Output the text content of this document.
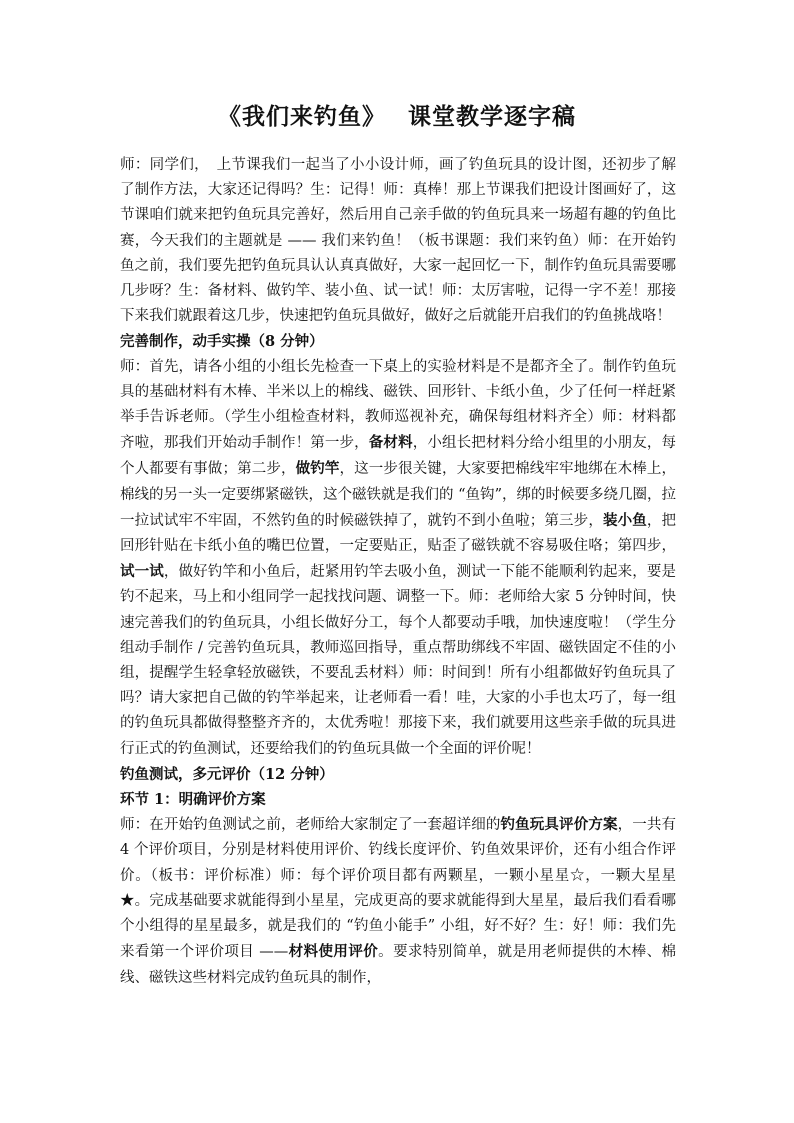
《我们来钓鱼》 课堂教学逐字稿

师：同学们，　上节课我们一起当了小小设计师，画了钓鱼玩具的设计图，还初步了解了制作方法，大家还记得吗？生：记得！师：真棒！那上节课我们把设计图画好了，这节课咱们就来把钓鱼玩具完善好，然后用自己亲手做的钓鱼玩具来一场超有趣的钓鱼比赛，今天我们的主题就是 —— 我们来钓鱼！（板书课题：我们来钓鱼）师：在开始钓鱼之前，我们要先把钓鱼玩具认认真真做好，大家一起回忆一下，制作钓鱼玩具需要哪几步呀？生：备材料、做钓竿、装小鱼、试一试！师：太厉害啦，记得一字不差！那接下来我们就跟着这几步，快速把钓鱼玩具做好，做好之后就能开启我们的钓鱼挑战咯！

完善制作，动手实操（8 分钟）

师：首先，请各小组的小组长先检查一下桌上的实验材料是不是都齐全了。制作钓鱼玩具的基础材料有木棒、半米以上的棉线、磁铁、回形针、卡纸小鱼，少了任何一样赶紧举手告诉老师。（学生小组检查材料，教师巡视补充，确保每组材料齐全）师：材料都齐啦，那我们开始动手制作！第一步，备材料，小组长把材料分给小组里的小朋友，每个人都要有事做；第二步，做钓竿，这一步很关键，大家要把棉线牢牢地绑在木棒上，棉线的另一头一定要绑紧磁铁，这个磁铁就是我们的 “鱼钩”，绑的时候要多绕几圈，拉一拉试试牢不牢固，不然钓鱼的时候磁铁掉了，就钓不到小鱼啦；第三步，装小鱼，把回形针贴在卡纸小鱼的嘴巴位置，一定要贴正，贴歪了磁铁就不容易吸住咯；第四步，试一试，做好钓竿和小鱼后，赶紧用钓竿去吸小鱼，测试一下能不能顺利钓起来，要是钓不起来，马上和小组同学一起找找问题、调整一下。师：老师给大家 5 分钟时间，快速完善我们的钓鱼玩具，小组长做好分工，每个人都要动手哦，加快速度啦！（学生分组动手制作 / 完善钓鱼玩具，教师巡回指导，重点帮助绑线不牢固、磁铁固定不佳的小组，提醒学生轻拿轻放磁铁，不要乱丢材料）师：时间到！所有小组都做好钓鱼玩具了吗？请大家把自己做的钓竿举起来，让老师看一看！哇，大家的小手也太巧了，每一组的钓鱼玩具都做得整整齐齐的，太优秀啦！那接下来，我们就要用这些亲手做的玩具进行正式的钓鱼测试，还要给我们的钓鱼玩具做一个全面的评价呢！

钓鱼测试，多元评价（12 分钟）

环节 1：明确评价方案

师：在开始钓鱼测试之前，老师给大家制定了一套超详细的钓鱼玩具评价方案，一共有 4 个评价项目，分别是材料使用评价、钓线长度评价、钓鱼效果评价，还有小组合作评价。（板书：评价标准）师：每个评价项目都有两颗星，一颗小星星☆，一颗大星星★。完成基础要求就能得到小星星，完成更高的要求就能得到大星星，最后我们看看哪个小组得的星星最多，就是我们的 “钓鱼小能手” 小组，好不好？生：好！师：我们先来看第一个评价项目 ——材料使用评价。要求特别简单，就是用老师提供的木棒、棉线、磁铁这些材料完成钓鱼玩具的制作，
